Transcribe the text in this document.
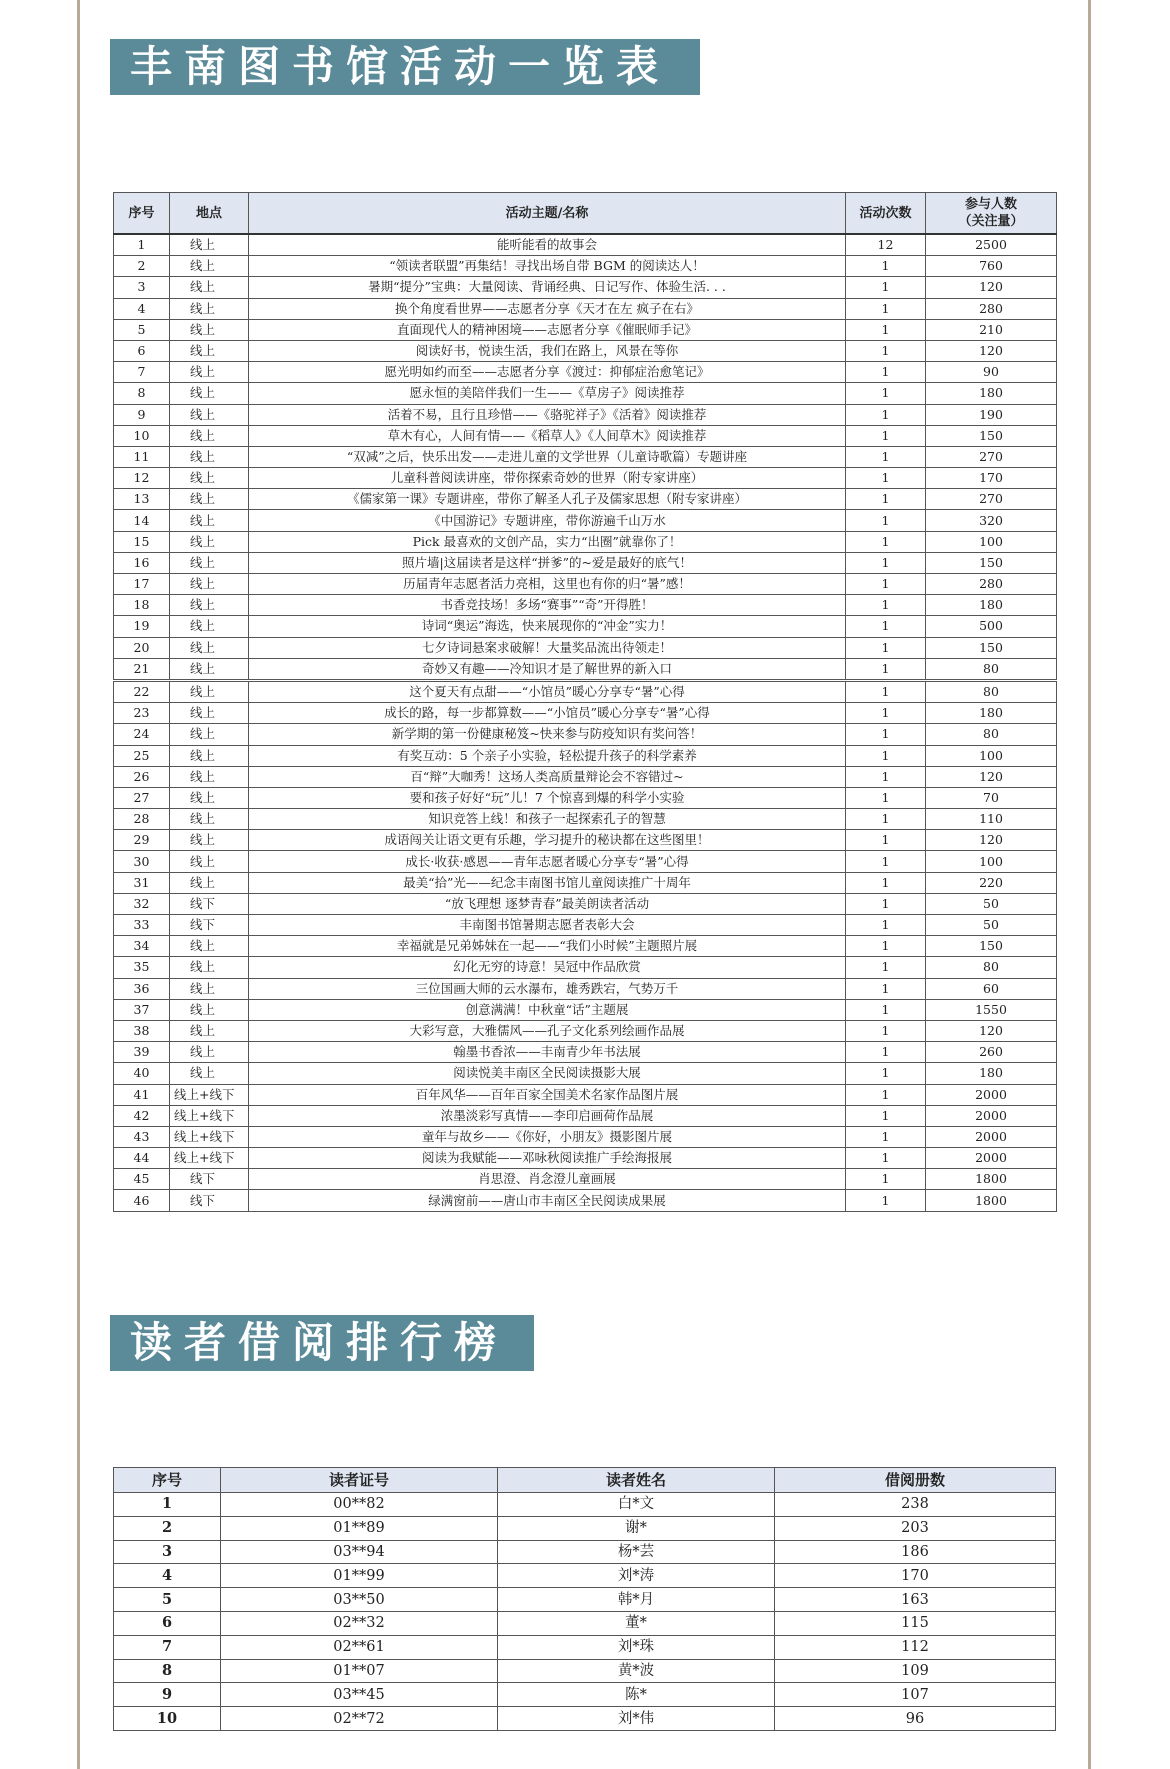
丰南图书馆活动一览表
序号	地点	活动主题/名称	活动次数	参与人数
（关注量）

1	线上	能听能看的故事会	12	2500
2	线上	“领读者联盟”再集结！寻找出场自带 BGM 的阅读达人！	1	760
3	线上	暑期“提分”宝典：大量阅读、背诵经典、日记写作、体验生活. . .	1	120
4	线上	换个角度看世界——志愿者分享《天才在左 疯子在右》	1	280
5	线上	直面现代人的精神困境——志愿者分享《催眠师手记》	1	210
6	线上	阅读好书，悦读生活，我们在路上，风景在等你	1	120
7	线上	愿光明如约而至——志愿者分享《渡过：抑郁症治愈笔记》	1	90
8	线上	愿永恒的美陪伴我们一生——《草房子》阅读推荐	1	180
9	线上	活着不易，且行且珍惜——《骆驼祥子》《活着》阅读推荐	1	190
10	线上	草木有心，人间有情——《稻草人》《人间草木》阅读推荐	1	150
11	线上	“双减”之后，快乐出发——走进儿童的文学世界（儿童诗歌篇）专题讲座	1	270
12	线上	儿童科普阅读讲座，带你探索奇妙的世界（附专家讲座）	1	170
13	线上	《儒家第一课》专题讲座，带你了解圣人孔子及儒家思想（附专家讲座）	1	270
14	线上	《中国游记》专题讲座，带你游遍千山万水	1	320
15	线上	Pick 最喜欢的文创产品，实力“出圈”就靠你了！	1	100
16	线上	照片墙|这届读者是这样“拼爹”的~爱是最好的底气！	1	150
17	线上	历届青年志愿者活力亮相，这里也有你的归“暑”感！	1	280
18	线上	书香竞技场！多场“赛事”“奇”开得胜！	1	180
19	线上	诗词“奥运”海选，快来展现你的“冲金”实力！	1	500
20	线上	七夕诗词悬案求破解！大量奖品流出待领走！	1	150
21	线上	奇妙又有趣——冷知识才是了解世界的新入口	1	80
22	线上	这个夏天有点甜——“小馆员”暖心分享专“暑”心得	1	80
23	线上	成长的路，每一步都算数——“小馆员”暖心分享专“暑”心得	1	180
24	线上	新学期的第一份健康秘笈~快来参与防疫知识有奖问答！	1	80
25	线上	有奖互动：5 个亲子小实验，轻松提升孩子的科学素养	1	100
26	线上	百“辩”大咖秀！这场人类高质量辩论会不容错过~	1	120
27	线上	要和孩子好好“玩”儿！7 个惊喜到爆的科学小实验	1	70
28	线上	知识竞答上线！和孩子一起探索孔子的智慧	1	110
29	线上	成语闯关让语文更有乐趣，学习提升的秘诀都在这些图里！	1	120
30	线上	成长·收获·感恩——青年志愿者暖心分享专“暑”心得	1	100
31	线上	最美“拾”光——纪念丰南图书馆儿童阅读推广十周年	1	220
32	线下	“放飞理想 逐梦青春”最美朗读者活动	1	50
33	线下	丰南图书馆暑期志愿者表彰大会	1	50
34	线上	幸福就是兄弟姊妹在一起——“我们小时候”主题照片展	1	150
35	线上	幻化无穷的诗意！吴冠中作品欣赏	1	80
36	线上	三位国画大师的云水瀑布，雄秀跌宕，气势万千	1	60
37	线上	创意满满！中秋童“话”主题展	1	1550
38	线上	大彩写意，大雅儒风——孔子文化系列绘画作品展	1	120
39	线上	翰墨书香浓——丰南青少年书法展	1	260
40	线上	阅读悦美丰南区全民阅读摄影大展	1	180
41	线上+线下	百年风华——百年百家全国美术名家作品图片展	1	2000
42	线上+线下	浓墨淡彩写真情——李印启画荷作品展	1	2000
43	线上+线下	童年与故乡——《你好，小朋友》摄影图片展	1	2000
44	线上+线下	阅读为我赋能——邓咏秋阅读推广手绘海报展	1	2000
45	线下	肖思澄、肖念澄儿童画展	1	1800
46	线下	绿满窗前——唐山市丰南区全民阅读成果展	1	1800
读者借阅排行榜
序号	读者证号	读者姓名	借阅册数
1	00**82	白*文	238
2	01**89	谢*	203
3	03**94	杨*芸	186
4	01**99	刘*涛	170
5	03**50	韩*月	163
6	02**32	董*	115
7	02**61	刘*珠	112
8	01**07	黄*波	109
9	03**45	陈*	107
10	02**72	刘*伟	96
